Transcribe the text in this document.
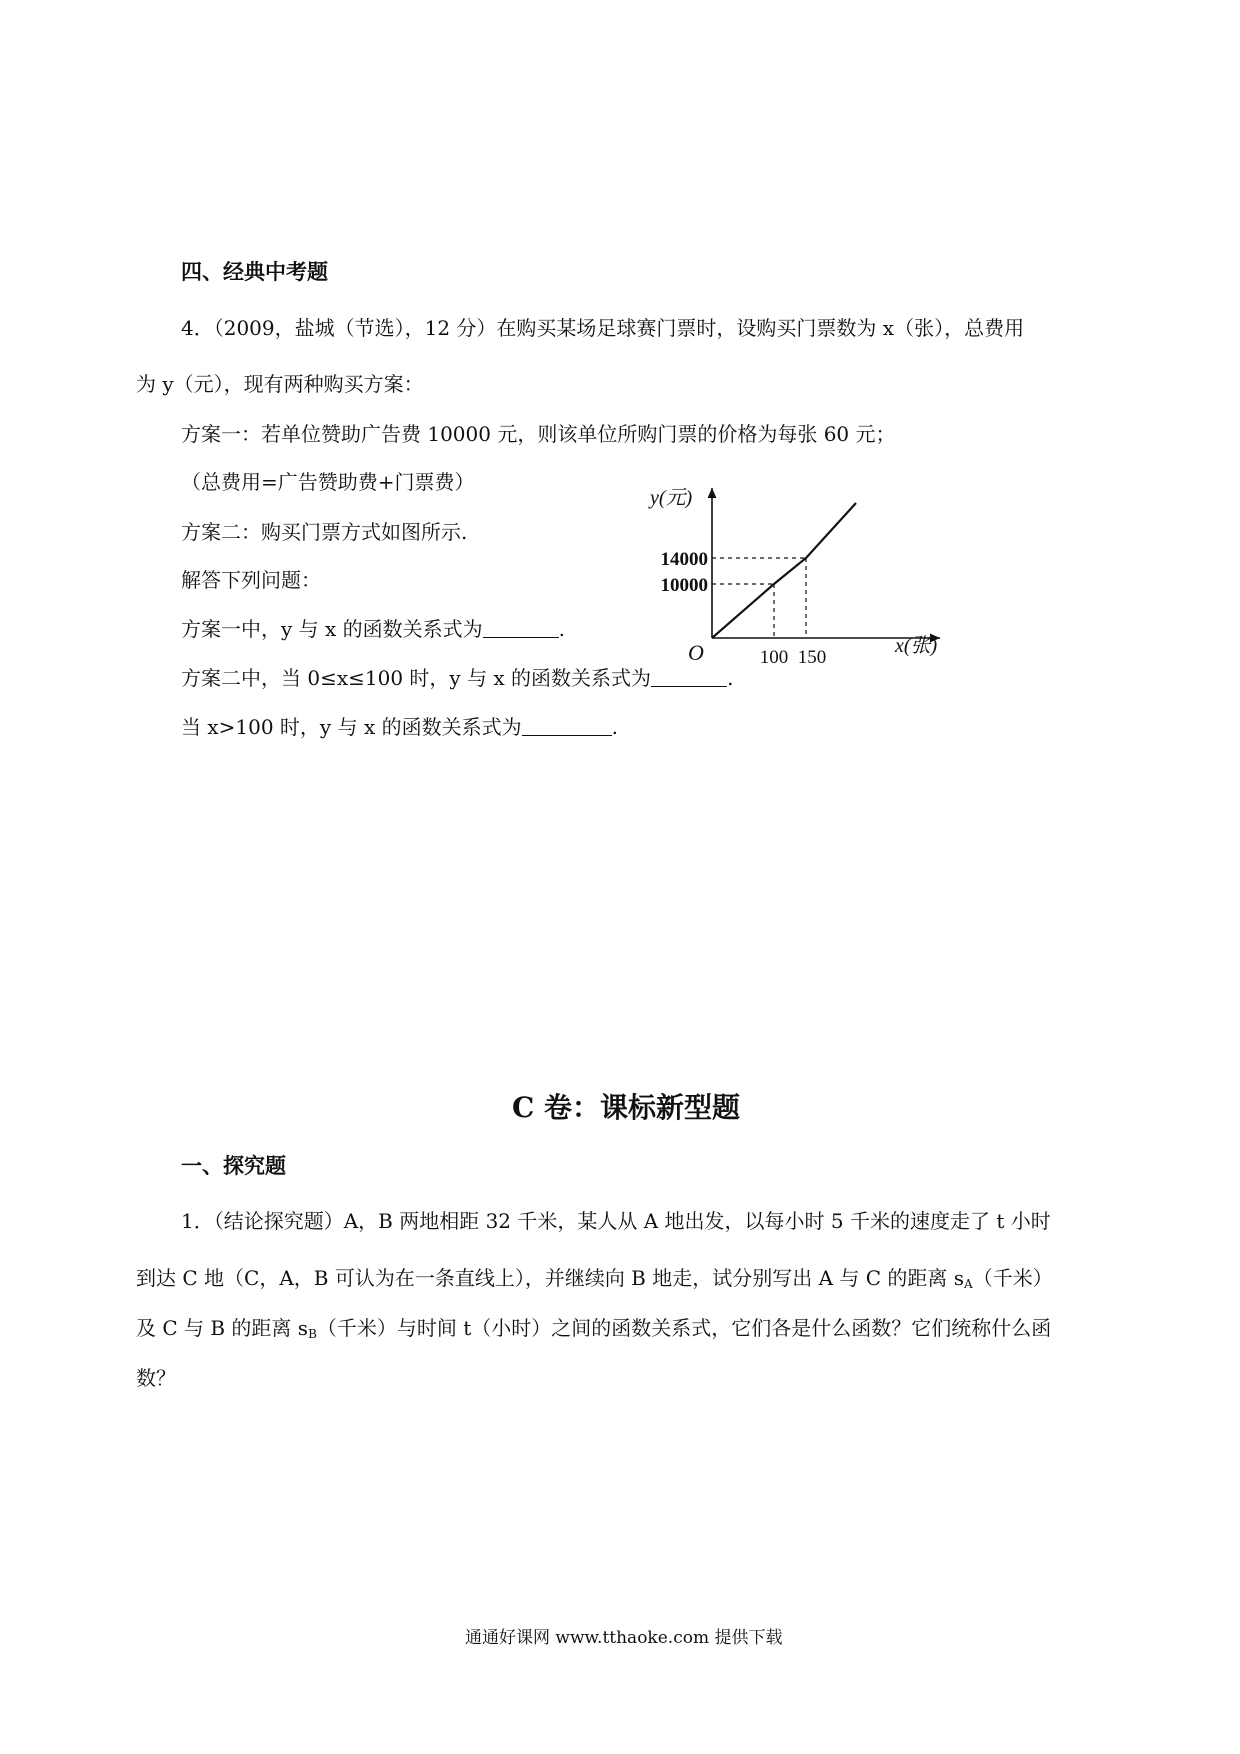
四、经典中考题
4．（2009，盐城（节选），12 分）在购买某场足球赛门票时，设购买门票数为 x（张），总费用
为 y（元），现有两种购买方案：
方案一：若单位赞助广告费 10000 元，则该单位所购门票的价格为每张 60 元；
（总费用=广告赞助费+门票费）
方案二：购买门票方式如图所示.
解答下列问题：
方案一中，y 与 x 的函数关系式为	.
方案二中，当 0≤x≤100 时，y 与 x 的函数关系式为	.
当 x>100 时，y 与 x 的函数关系式为	.
y(元)
x(张)
O
14000
10000
100 150
C 卷：课标新型题
一、探究题
1．（结论探究题）A，B 两地相距 32 千米，某人从 A 地出发，以每小时 5 千米的速度走了 t 小时
到达 C 地（C，A，B 可认为在一条直线上），并继续向 B 地走，试分别写出 A 与 C 的距离 $s_A$（千米）
及 C 与 B 的距离 $s_B$（千米）与时间 t（小时）之间的函数关系式，它们各是什么函数？它们统称什么函
数？
通通好课网 www.tthaoke.com 提供下载
